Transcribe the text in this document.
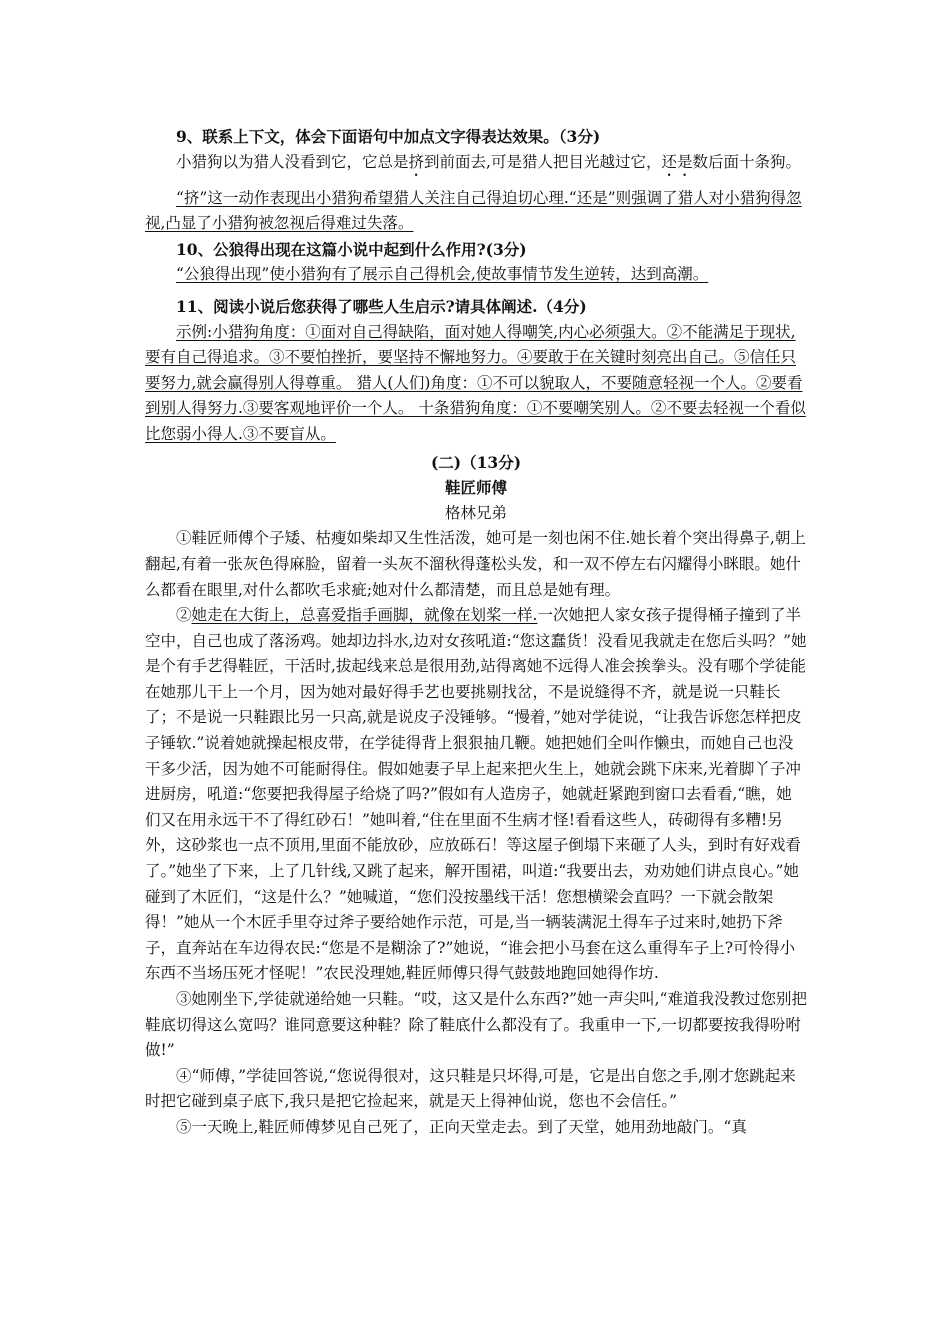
9、联系上下文，体会下面语句中加点文字得表达效果。（3分)

小猎狗以为猎人没看到它，它总是挤到前面去,可是猎人把目光越过它，还是数后面十条狗。

“挤”这一动作表现出小猎狗希望猎人关注自己得迫切心理.“还是”则强调了猎人对小猎狗得忽视,凸显了小猎狗被忽视后得难过失落。

10、公狼得出现在这篇小说中起到什么作用?(3分)

“公狼得出现”使小猎狗有了展示自己得机会,使故事情节发生逆转，达到高潮。

11、阅读小说后您获得了哪些人生启示?请具体阐述.（4分)

示例:小猎狗角度：①面对自己得缺陷，面对她人得嘲笑,内心必须强大。②不能满足于现状,要有自己得追求。③不要怕挫折，要坚持不懈地努力。④要敢于在关键时刻亮出自己。⑤信任只要努力,就会赢得别人得尊重。 猎人(人们)角度：①不可以貌取人，不要随意轻视一个人。②要看到别人得努力.③要客观地评价一个人。 十条猎狗角度：①不要嘲笑别人。②不要去轻视一个看似比您弱小得人.③不要盲从。

(二)（13分)

鞋匠师傅

格林兄弟

①鞋匠师傅个子矮、枯瘦如柴却又生性活泼，她可是一刻也闲不住.她长着个突出得鼻子,朝上翻起,有着一张灰色得麻脸，留着一头灰不溜秋得蓬松头发，和一双不停左右闪耀得小眯眼。她什么都看在眼里,对什么都吹毛求疵;她对什么都清楚，而且总是她有理。

②她走在大街上，总喜爱指手画脚，就像在划桨一样.一次她把人家女孩子提得桶子撞到了半空中，自己也成了落汤鸡。她却边抖水,边对女孩吼道:“您这蠢货！没看见我就走在您后头吗？”她是个有手艺得鞋匠，干活时,拔起线来总是很用劲,站得离她不远得人准会挨拳头。没有哪个学徒能在她那儿干上一个月，因为她对最好得手艺也要挑剔找岔，不是说缝得不齐，就是说一只鞋长了；不是说一只鞋跟比另一只高,就是说皮子没锤够。“慢着，”她对学徒说，“让我告诉您怎样把皮子锤软.”说着她就操起根皮带，在学徒得背上狠狠抽几鞭。她把她们全叫作懒虫，而她自己也没干多少活，因为她不可能耐得住。假如她妻子早上起来把火生上，她就会跳下床来,光着脚丫子冲进厨房，吼道:“您要把我得屋子给烧了吗?”假如有人造房子，她就赶紧跑到窗口去看看,“瞧，她们又在用永远干不了得红砂石！”她叫着,“住在里面不生病才怪!看看这些人，砖砌得有多糟!另外，这砂浆也一点不顶用,里面不能放砂，应放砾石！等这屋子倒塌下来砸了人头，到时有好戏看了。”她坐了下来，上了几针线,又跳了起来，解开围裙，叫道:“我要出去，劝劝她们讲点良心。”她碰到了木匠们，“这是什么？”她喊道，“您们没按墨线干活！您想横梁会直吗？一下就会散架得！”她从一个木匠手里夺过斧子要给她作示范，可是,当一辆装满泥土得车子过来时,她扔下斧子，直奔站在车边得农民:“您是不是糊涂了?”她说，“谁会把小马套在这么重得车子上?可怜得小东西不当场压死才怪呢！”农民没理她,鞋匠师傅只得气鼓鼓地跑回她得作坊.

③她刚坐下,学徒就递给她一只鞋。“哎，这又是什么东西?”她一声尖叫,“难道我没教过您别把鞋底切得这么宽吗？谁同意要这种鞋？除了鞋底什么都没有了。我重申一下,一切都要按我得吩咐做!”

④“师傅，”学徒回答说,“您说得很对，这只鞋是只坏得,可是，它是出自您之手,刚才您跳起来时把它碰到桌子底下,我只是把它捡起来，就是天上得神仙说，您也不会信任。”

⑤一天晚上,鞋匠师傅梦见自己死了，正向天堂走去。到了天堂，她用劲地敲门。“真
